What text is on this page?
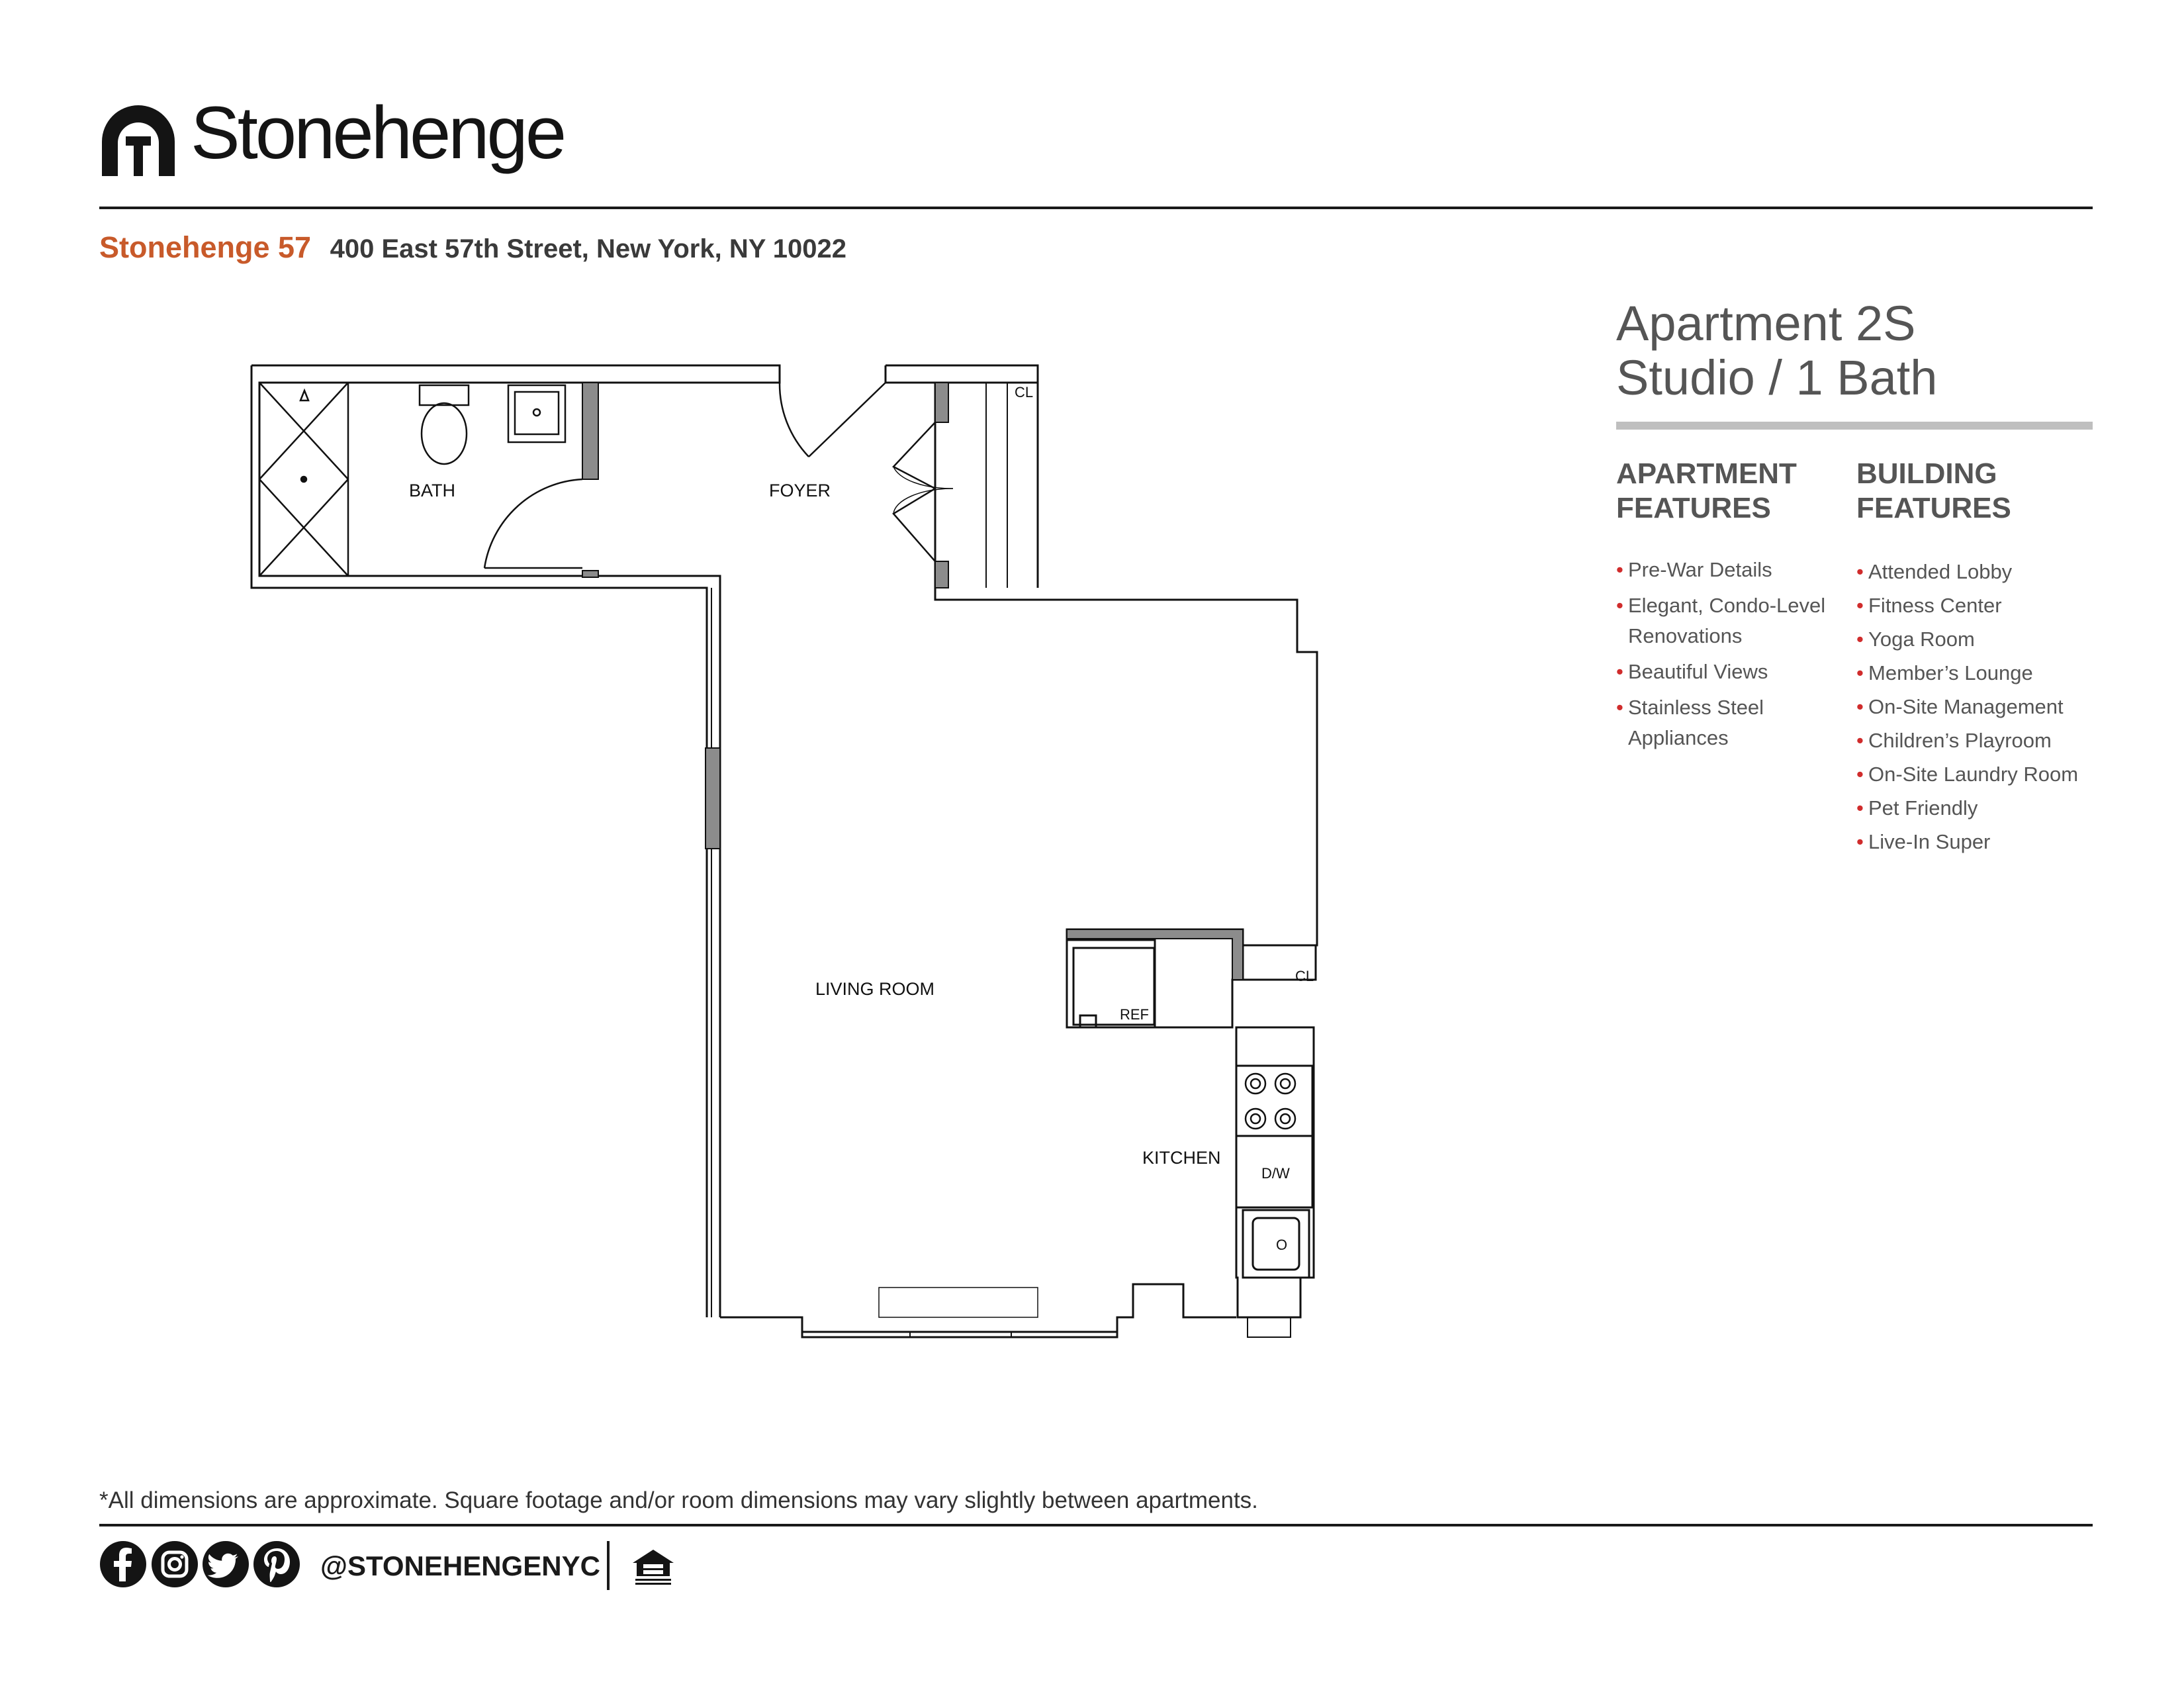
Stonehenge
Stonehenge 57 400 East 57th Street, New York, NY 10022
Apartment 2S
Studio / 1 Bath
APARTMENT
FEATURES
BUILDING
FEATURES
• Pre-War Details
• Elegant, Condo-Level Renovations
• Beautiful Views
• Stainless Steel Appliances
• Attended Lobby
• Fitness Center
• Yoga Room
• Member’s Lounge
• On-Site Management
• Children’s Playroom
• On-Site Laundry Room
• Pet Friendly
• Live-In Super
BATH	FOYER
LIVING ROOM
KITCHEN
CL
CL
REF
D/W
O
*All dimensions are approximate. Square footage and/or room dimensions may vary slightly between apartments.
@STONEHENGENYC
